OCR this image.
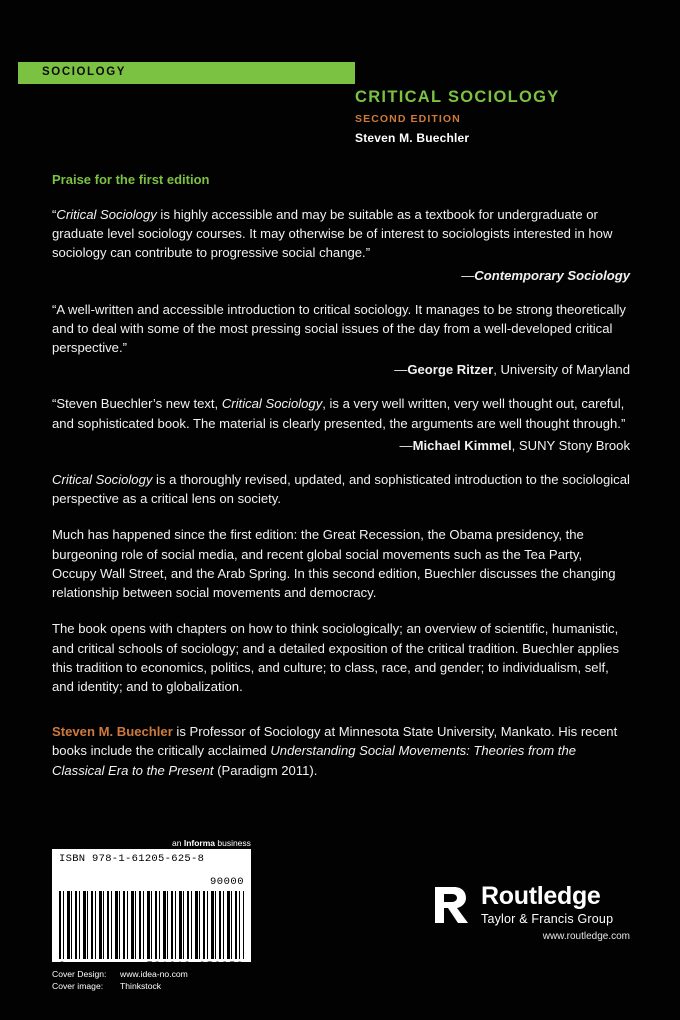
SOCIOLOGY
CRITICAL SOCIOLOGY
SECOND EDITION
Steven M. Buechler
Praise for the first edition

“Critical Sociology is highly accessible and may be suitable as a textbook for undergraduate or graduate level sociology courses. It may otherwise be of interest to sociologists interested in how sociology can contribute to progressive social change.”

—Contemporary Sociology

“A well-written and accessible introduction to critical sociology. It manages to be strong theoretically and to deal with some of the most pressing social issues of the day from a well-developed critical perspective.”

—George Ritzer, University of Maryland

“Steven Buechler’s new text, Critical Sociology, is a very well written, very well thought out, careful, and sophisticated book. The material is clearly presented, the arguments are well thought through.”

—Michael Kimmel, SUNY Stony Brook

Critical Sociology is a thoroughly revised, updated, and sophisticated introduction to the sociological perspective as a critical lens on society.

Much has happened since the first edition: the Great Recession, the Obama presidency, the burgeoning role of social media, and recent global social movements such as the Tea Party, Occupy Wall Street, and the Arab Spring. In this second edition, Buechler discusses the changing relationship between social movements and democracy.

The book opens with chapters on how to think sociologically; an overview of scientific, humanistic, and critical schools of sociology; and a detailed exposition of the critical tradition. Buechler applies this tradition to economics, politics, and culture; to class, race, and gender; to individualism, self, and identity; and to globalization.

Steven M. Buechler is Professor of Sociology at Minnesota State University, Mankato. His recent books include the critically acclaimed Understanding Social Movements: Theories from the Classical Era to the Present (Paradigm 2011).

an Informa business
ISBN 978-1-61205-625-8
90000
9	781612 056258
Cover Design: www.idea-no.com
Cover image: Thinkstock
Routledge
Taylor & Francis Group
www.routledge.com
